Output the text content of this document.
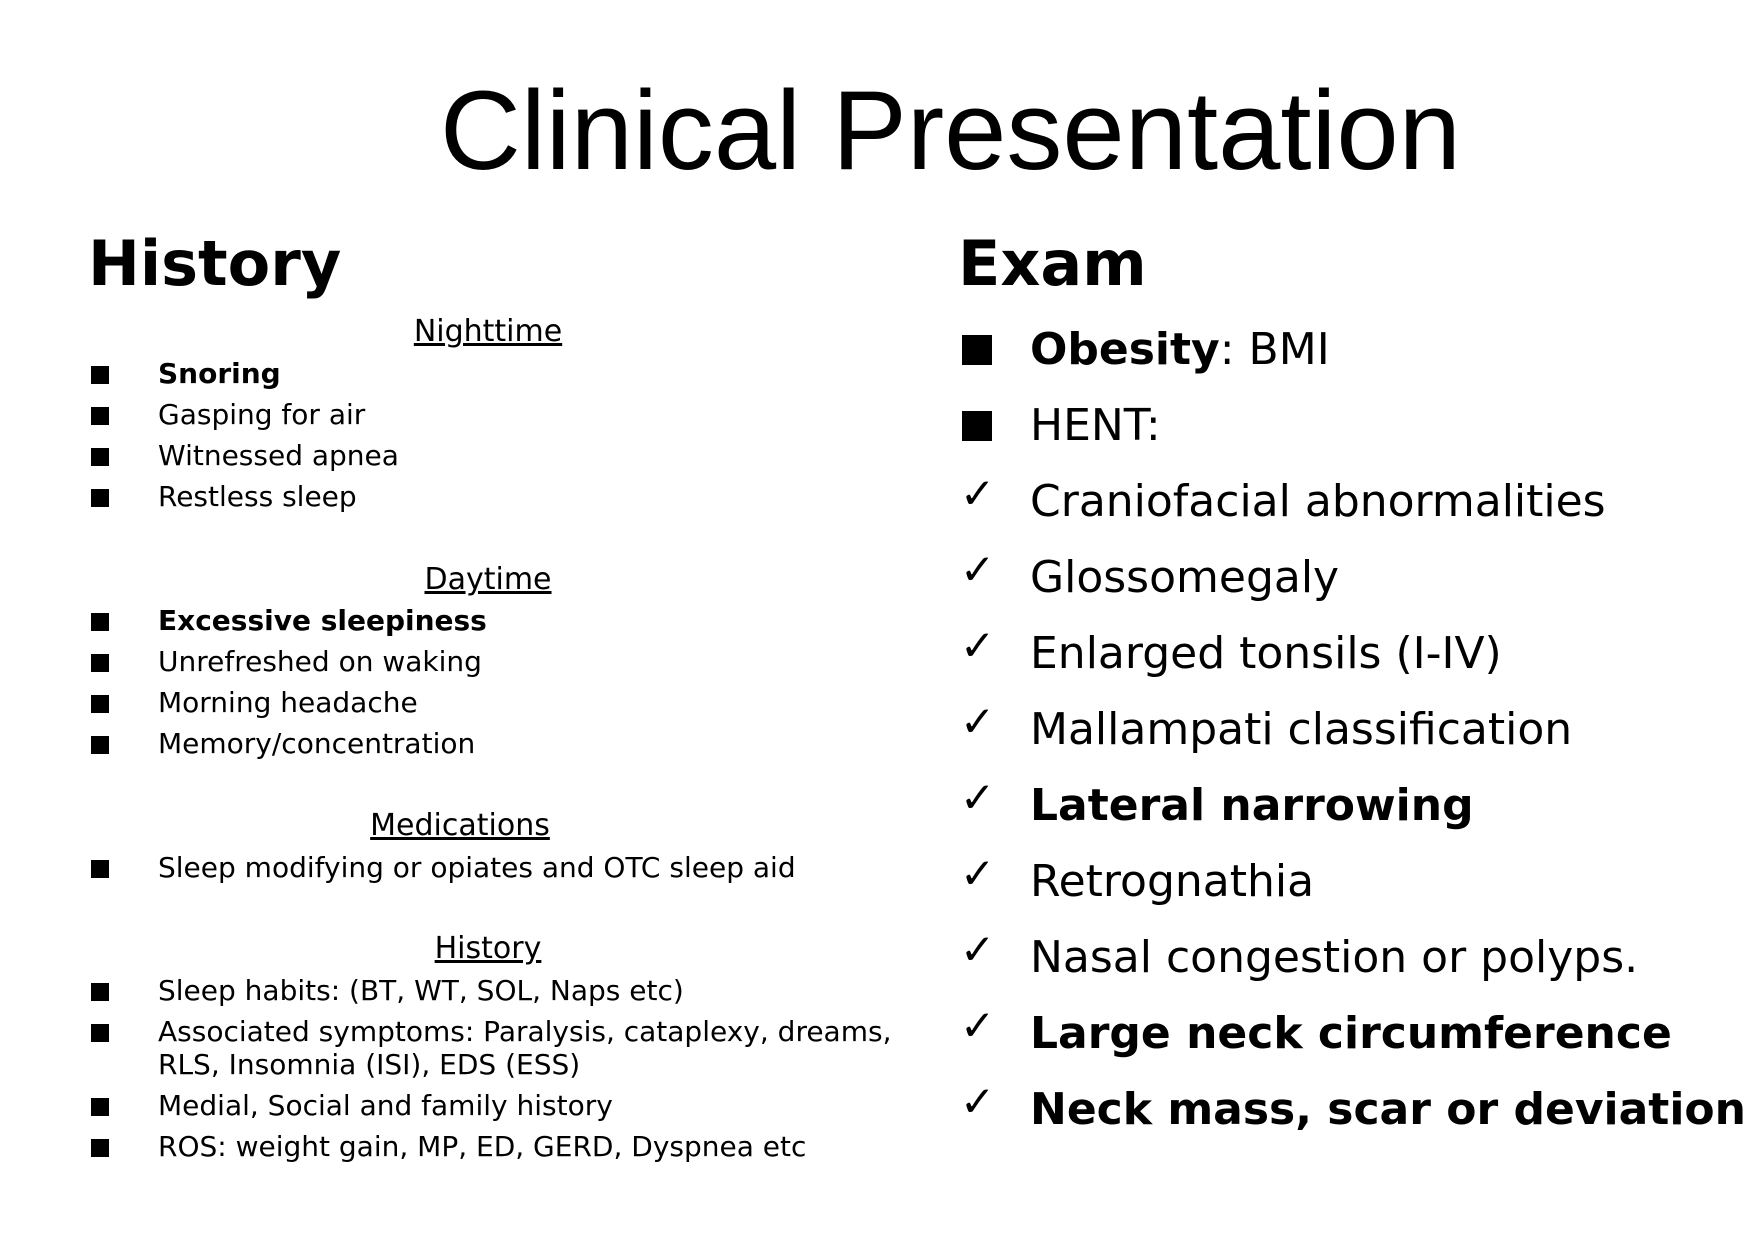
Clinical Presentation
History
Nighttime
Snoring
Gasping for air
Witnessed apnea
Restless sleep
Daytime
Excessive sleepiness
Unrefreshed on waking
Morning headache
Memory/concentration
Medications
Sleep modifying or opiates and OTC sleep aid
History
Sleep habits: (BT, WT, SOL, Naps etc)
Associated symptoms: Paralysis, cataplexy, dreams,
RLS, Insomnia (ISI), EDS (ESS)
Medial, Social and family history
ROS: weight gain, MP, ED, GERD, Dyspnea etc
Exam
Obesity: BMI
HENT:
✓ Craniofacial abnormalities
✓ Glossomegaly
✓ Enlarged tonsils (I-IV)
✓ Mallampati classification
✓ Lateral narrowing
✓ Retrognathia
✓ Nasal congestion or polyps.
✓ Large neck circumference
✓ Neck mass, scar or deviation
